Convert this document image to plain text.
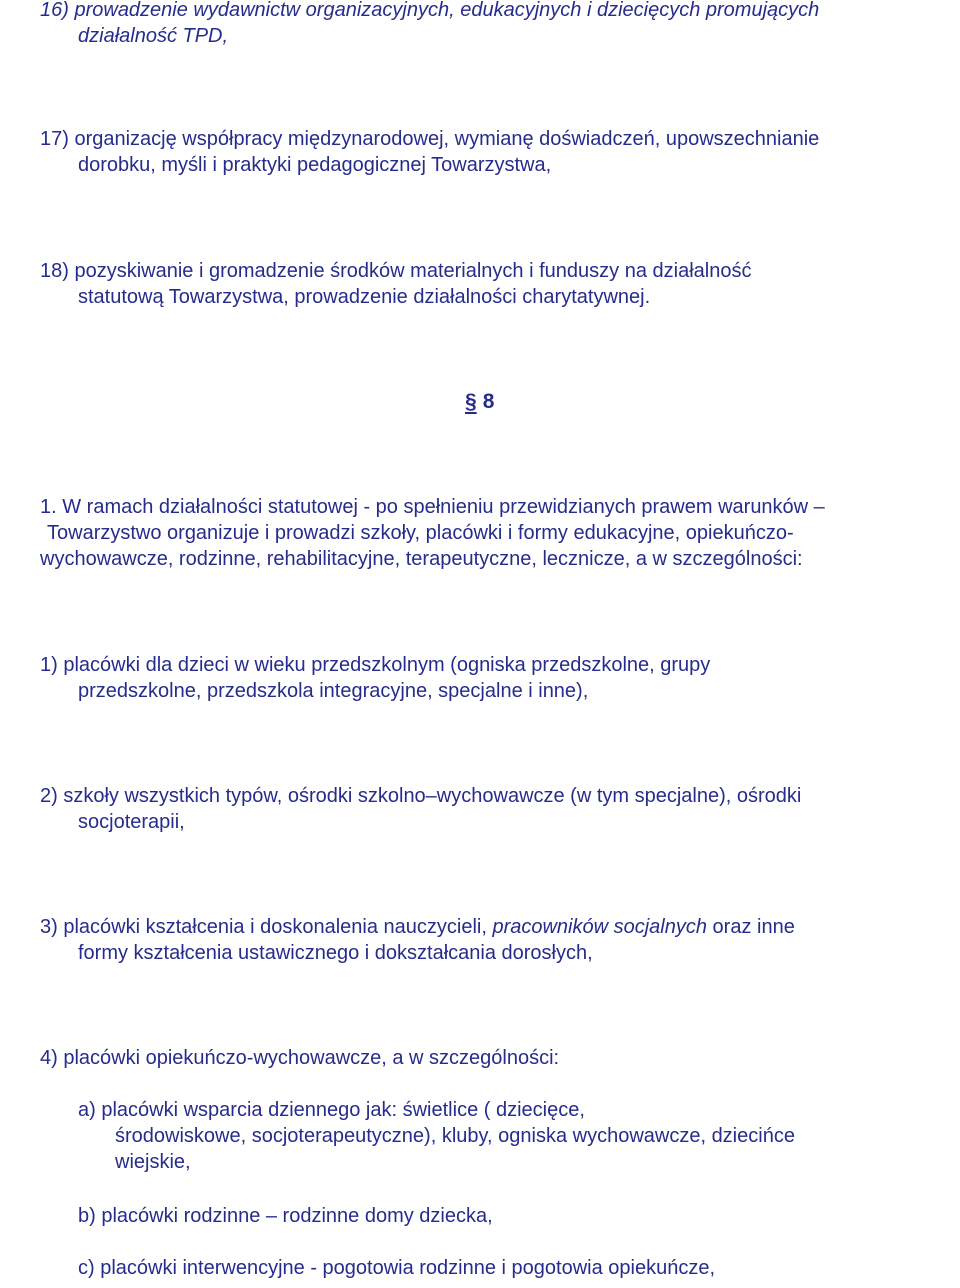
16) prowadzenie wydawnictw organizacyjnych, edukacyjnych i dziecięcych promujących
działalność TPD,
17) organizację współpracy międzynarodowej, wymianę doświadczeń, upowszechnianie
dorobku, myśli i praktyki pedagogicznej Towarzystwa,
18) pozyskiwanie i gromadzenie środków materialnych i funduszy na działalność
statutową Towarzystwa, prowadzenie działalności charytatywnej.
§ 8
1. W ramach działalności statutowej - po spełnieniu przewidzianych prawem warunków –
Towarzystwo organizuje i prowadzi szkoły, placówki i formy edukacyjne, opiekuńczo-
wychowawcze, rodzinne, rehabilitacyjne, terapeutyczne, lecznicze, a w szczególności:
1) placówki dla dzieci w wieku przedszkolnym (ogniska przedszkolne, grupy
przedszkolne, przedszkola integracyjne, specjalne i inne),
2) szkoły wszystkich typów, ośrodki szkolno–wychowawcze (w tym specjalne), ośrodki
socjoterapii,
3) placówki kształcenia i doskonalenia nauczycieli, pracowników socjalnych oraz inne
formy kształcenia ustawicznego i dokształcania dorosłych,
4) placówki opiekuńczo-wychowawcze, a w szczególności:
a) placówki wsparcia dziennego jak: świetlice ( dziecięce,
środowiskowe, socjoterapeutyczne), kluby, ogniska wychowawcze, dziecińce
wiejskie,
b) placówki rodzinne – rodzinne domy dziecka,
c) placówki interwencyjne - pogotowia rodzinne i pogotowia opiekuńcze,
